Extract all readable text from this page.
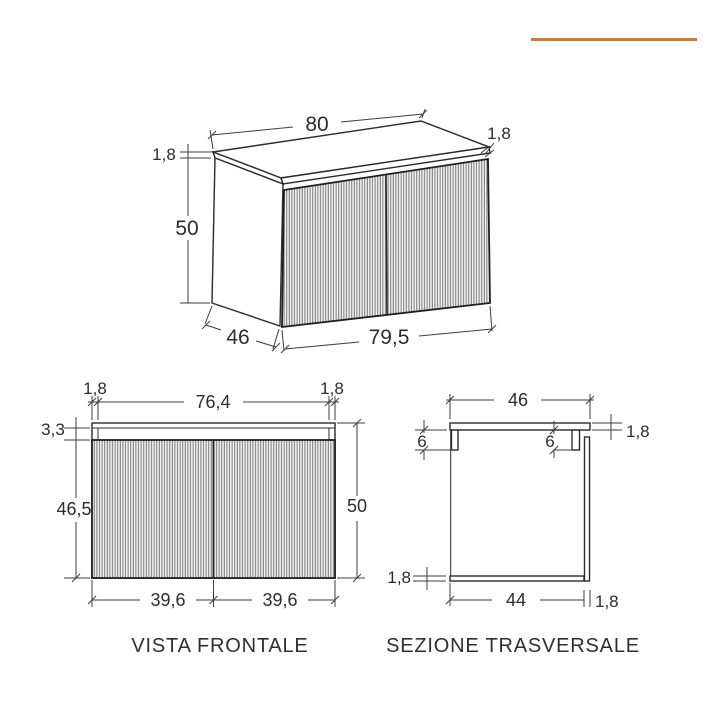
80
1,8
50
1,8
46	79,5
1,8
76,4
1,8
3,3
46,5	50
39,6	39,6
VISTA FRONTALE
46
1,8
6	6
1,8
44	1,8
SEZIONE TRASVERSALE
